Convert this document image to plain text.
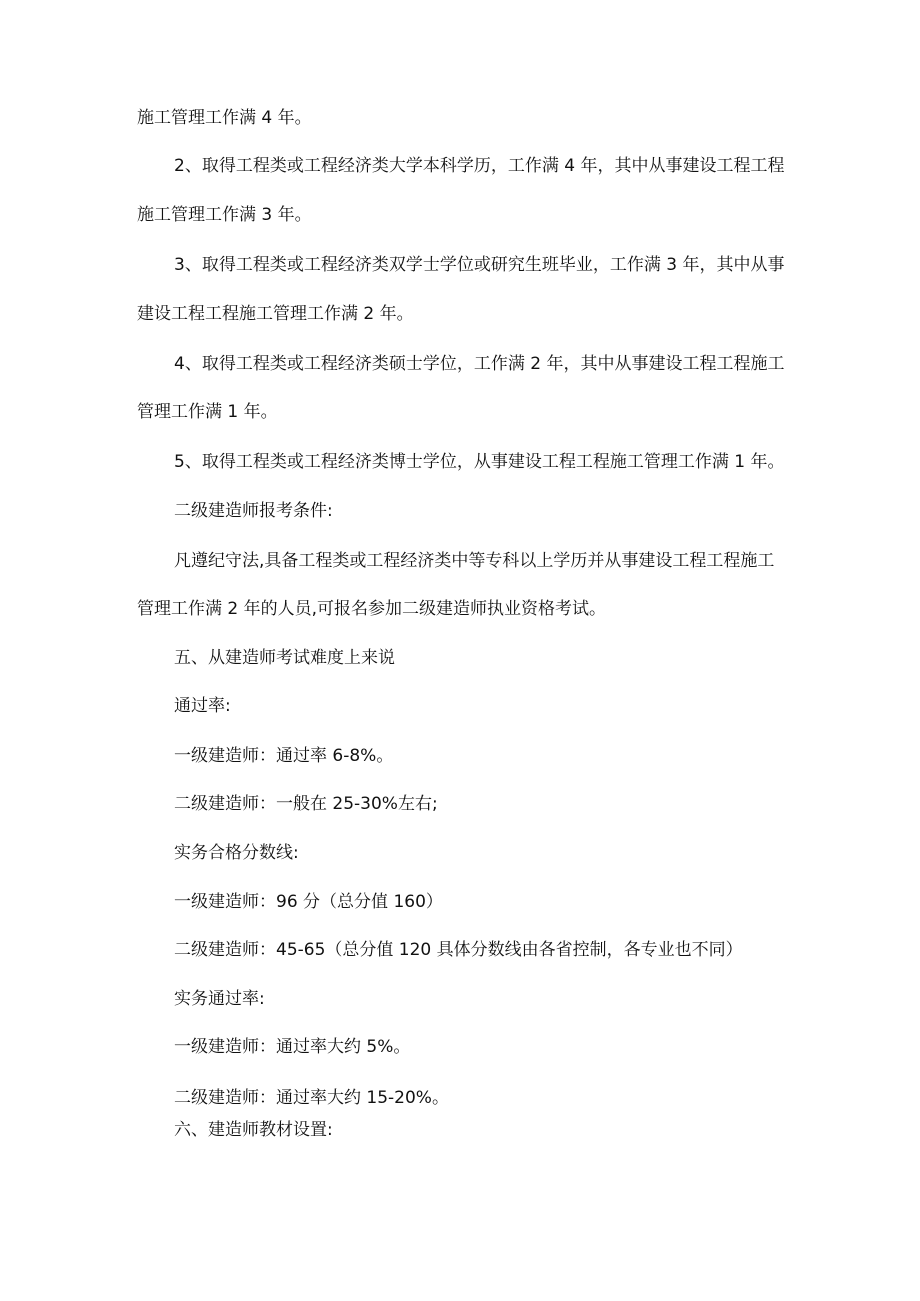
施工管理工作满 4 年。
2、取得工程类或工程经济类大学本科学历，工作满 4 年，其中从事建设工程工程
施工管理工作满 3 年。
3、取得工程类或工程经济类双学士学位或研究生班毕业，工作满 3 年，其中从事
建设工程工程施工管理工作满 2 年。
4、取得工程类或工程经济类硕士学位，工作满 2 年，其中从事建设工程工程施工
管理工作满 1 年。
5、取得工程类或工程经济类博士学位，从事建设工程工程施工管理工作满 1 年。
二级建造师报考条件:
凡遵纪守法,具备工程类或工程经济类中等专科以上学历并从事建设工程工程施工
管理工作满 2 年的人员,可报名参加二级建造师执业资格考试。
五、从建造师考试难度上来说
通过率:
一级建造师：通过率 6-8%。
二级建造师：一般在 25-30%左右;
实务合格分数线:
一级建造师：96 分（总分值 160）
二级建造师：45-65（总分值 120 具体分数线由各省控制，各专业也不同）
实务通过率:
一级建造师：通过率大约 5%。
二级建造师：通过率大约 15-20%。
六、建造师教材设置:
